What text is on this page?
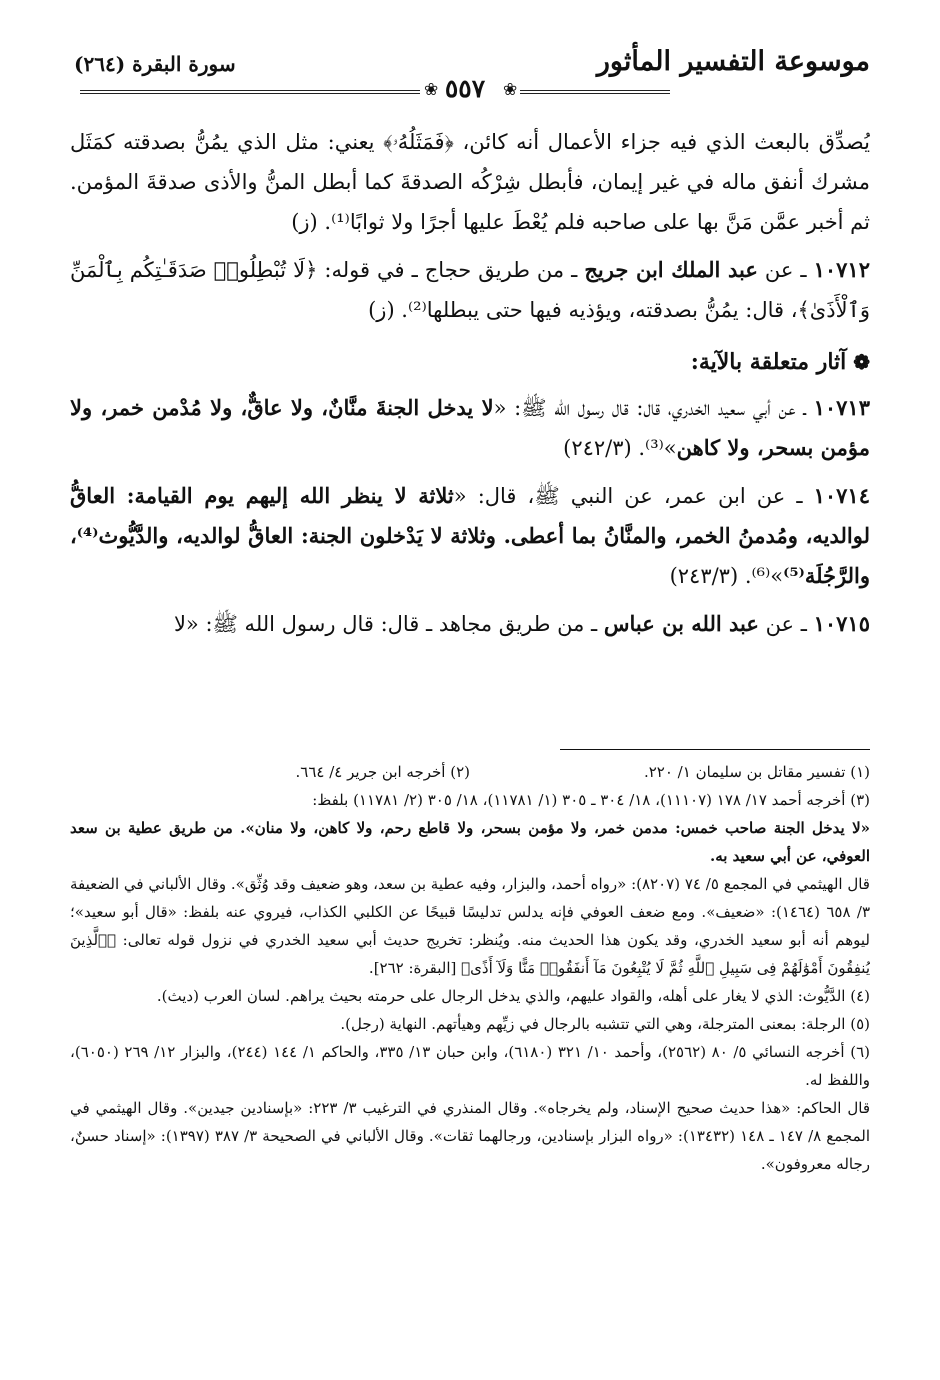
موسوعة التفسير المأثور
سورة البقرة (٢٦٤)
٥٥٧
❀	❀

يُصدِّق بالبعث الذي فيه جزاء الأعمال أنه كائن، ﴿فَمَثَلُهُۥ﴾ يعني: مثل الذي يمُنُّ بصدقته كمَثَل مشرك أنفق ماله في غير إيمان، فأبطل شِرْكُه الصدقةَ كما أبطل المنُّ والأذى صدقةَ المؤمن. ثم أخبر عمَّن مَنَّ بها على صاحبه فلم يُعْطَ عليها أجرًا ولا ثوابًا⁽¹⁾. (ز)

١٠٧١٢ ـ عن عبد الملك ابن جريج ـ من طريق حجاج ـ في قوله: ﴿لَا تُبْطِلُوا۟ صَدَقَـٰتِكُم بِٱلْمَنِّ وَٱلْأَذَىٰ﴾، قال: يمُنُّ بصدقته، ويؤذيه فيها حتى يبطلها⁽²⁾. (ز)

❁ آثار متعلقة بالآية:

١٠٧١٣ ـ عن أبي سعيد الخدري، قال: قال رسول الله ﷺ: «لا يدخل الجنةَ منَّانٌ، ولا عاقٌّ، ولا مُدْمن خمر، ولا مؤمن بسحر، ولا كاهن»⁽³⁾. (٢٤٢/٣)

١٠٧١٤ ـ عن ابن عمر، عن النبي ﷺ، قال: «ثلاثة لا ينظر الله إليهم يوم القيامة: العاقُّ لوالديه، ومُدمنُ الخمر، والمنَّانُ بما أعطى. وثلاثة لا يَدْخلون الجنة: العاقُّ لوالديه، والدَّيُّوث⁽⁴⁾، والرَّجُلَة⁽⁵⁾»⁽⁶⁾. (٢٤٣/٣)

١٠٧١٥ ـ عن عبد الله بن عباس ـ من طريق مجاهد ـ قال: قال رسول الله ﷺ: «لا

(١) تفسير مقاتل بن سليمان ١/ ٢٢٠.
(٢) أخرجه ابن جرير ٤/ ٦٦٤.

(٣) أخرجه أحمد ١٧/ ١٧٨ (١١١٠٧)، ١٨/ ٣٠٤ ـ ٣٠٥ (١/ ١١٧٨١)، ١٨/ ٣٠٥ (٢/ ١١٧٨١) بلفظ:

«لا يدخل الجنة صاحب خمس: مدمن خمر، ولا مؤمن بسحر، ولا قاطع رحم، ولا كاهن، ولا منان». من طريق عطية بن سعد العوفي، عن أبي سعيد به.

قال الهيثمي في المجمع ٥/ ٧٤ (٨٢٠٧): «رواه أحمد، والبزار، وفيه عطية بن سعد، وهو ضعيف وقد وُثِّق». وقال الألباني في الضعيفة ٣/ ٦٥٨ (١٤٦٤): «ضعيف». ومع ضعف العوفي فإنه يدلس تدليسًا قبيحًا عن الكلبي الكذاب، فيروي عنه بلفظ: «قال أبو سعيد»؛ ليوهم أنه أبو سعيد الخدري، وقد يكون هذا الحديث منه. ويُنظر: تخريج حديث أبي سعيد الخدري في نزول قوله تعالى: ﴿ٱلَّذِينَ يُنفِقُونَ أَمْوَٰلَهُمْ فِى سَبِيلِ ٱللَّهِ ثُمَّ لَا يُتْبِعُونَ مَآ أَنفَقُوا۟ مَنًّا وَلَآ أَذًى﴾ [البقرة: ٢٦٢].

(٤) الدَّيُّوث: الذي لا يغار على أهله، والقواد عليهم، والذي يدخل الرجال على حرمته بحيث يراهم. لسان العرب (ديث).

(٥) الرجلة: بمعنى المترجلة، وهي التي تتشبه بالرجال في زيِّهم وهيأتهم. النهاية (رجل).

(٦) أخرجه النسائي ٥/ ٨٠ (٢٥٦٢)، وأحمد ١٠/ ٣٢١ (٦١٨٠)، وابن حبان ١٣/ ٣٣٥، والحاكم ١/ ١٤٤ (٢٤٤)، والبزار ١٢/ ٢٦٩ (٦٠٥٠)، واللفظ له.

قال الحاكم: «هذا حديث صحيح الإسناد، ولم يخرجاه». وقال المنذري في الترغيب ٣/ ٢٢٣: «بإسنادين جيدين». وقال الهيثمي في المجمع ٨/ ١٤٧ ـ ١٤٨ (١٣٤٣٢): «رواه البزار بإسنادين، ورجالهما ثقات». وقال الألباني في الصحيحة ٣/ ٣٨٧ (١٣٩٧): «إسناد حسنٌ، رجاله معروفون».
